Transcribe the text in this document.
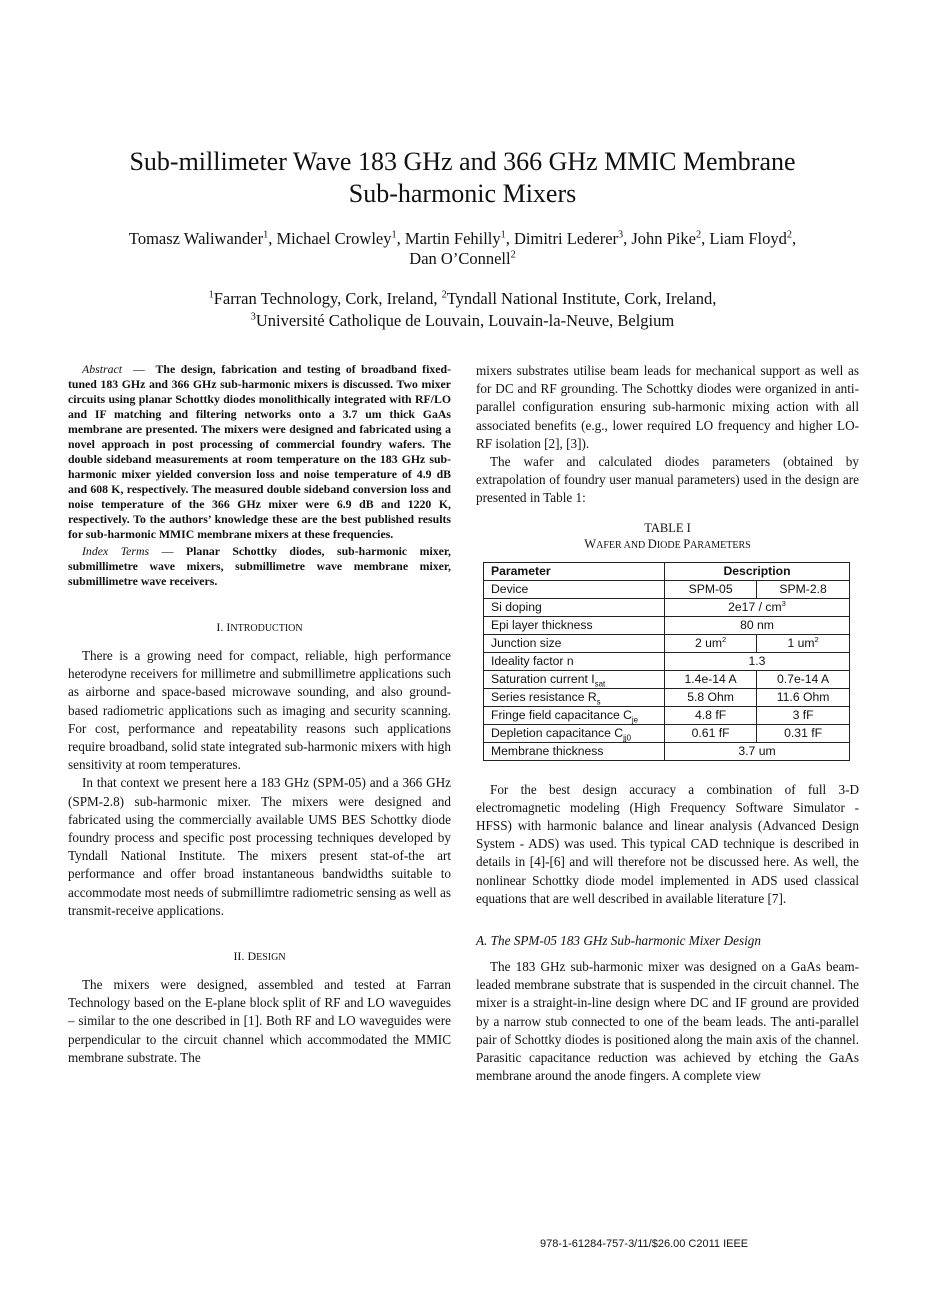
Sub-millimeter Wave 183 GHz and 366 GHz MMIC Membrane
Sub-harmonic Mixers
Tomasz Waliwander$^1$, Michael Crowley$^1$, Martin Fehilly$^1$, Dimitri Lederer$^3$, John Pike$^2$, Liam Floyd$^2$,
Dan O’Connell$^2$
$^1$Farran Technology, Cork, Ireland, $^2$Tyndall National Institute, Cork, Ireland,
$^3$Université Catholique de Louvain, Louvain-la-Neuve, Belgium

Abstract — The design, fabrication and testing of broadband fixed-tuned 183 GHz and 366 GHz sub-harmonic mixers is discussed. Two mixer circuits using planar Schottky diodes monolithically integrated with RF/LO and IF matching and filtering networks onto a 3.7 um thick GaAs membrane are presented. The mixers were designed and fabricated using a novel approach in post processing of commercial foundry wafers. The double sideband measurements at room temperature on the 183 GHz sub-harmonic mixer yielded conversion loss and noise temperature of 4.9 dB and 608 K, respectively. The measured double sideband conversion loss and noise temperature of the 366 GHz mixer were 6.9 dB and 1220 K, respectively. To the authors’ knowledge these are the best published results for sub-harmonic MMIC membrane mixers at these frequencies.

Index Terms — Planar Schottky diodes, sub-harmonic mixer, submillimetre wave mixers, submillimetre wave membrane mixer, submillimetre wave receivers.

I. INTRODUCTION

There is a growing need for compact, reliable, high performance heterodyne receivers for millimetre and submillimetre applications such as airborne and space-based microwave sounding, and also ground-based radiometric applications such as imaging and security scanning. For cost, performance and repeatability reasons such applications require broadband, solid state integrated sub-harmonic mixers with high sensitivity at room temperatures.

In that context we present here a 183 GHz (SPM-05) and a 366 GHz (SPM-2.8) sub-harmonic mixer. The mixers were designed and fabricated using the commercially available UMS BES Schottky diode foundry process and specific post processing techniques developed by Tyndall National Institute. The mixers present stat-of-the art performance and offer broad instantaneous bandwidths suitable to accommodate most needs of submillimtre radiometric sensing as well as transmit-receive applications.

II. DESIGN

The mixers were designed, assembled and tested at Farran Technology based on the E-plane block split of RF and LO waveguides – similar to the one described in [1]. Both RF and LO waveguides were perpendicular to the circuit channel which accommodated the MMIC membrane substrate. The

mixers substrates utilise beam leads for mechanical support as well as for DC and RF grounding. The Schottky diodes were organized in anti-parallel configuration ensuring sub-harmonic mixing action with all associated benefits (e.g., lower required LO frequency and higher LO-RF isolation [2], [3]).

The wafer and calculated diodes parameters (obtained by extrapolation of foundry user manual parameters) used in the design are presented in Table 1:

TABLE I

WAFER AND DIODE PARAMETERS

Parameter	Description	
Device	SPM-05	SPM-2.8
Si doping	$2e17 / cm^3$
Epi layer thickness	80 nm	
Junction size	2 $um^2$	1 $um^2$
Ideality factor n	1.3	
Saturation current $I_{sat}$	1.4e-14 A	0.7e-14 A
Series resistance $R_s$	5.8 Ohm	11.6 Ohm
Fringe field capacitance $C_{je}$	4.8 fF	3 fF
Depletion capacitance $C_{jj0}$	0.61 fF	0.31 fF
Membrane thickness	3.7 um	

For the best design accuracy a combination of full 3-D electromagnetic modeling (High Frequency Software Simulator - HFSS) with harmonic balance and linear analysis (Advanced Design System - ADS) was used. This typical CAD technique is described in details in [4]-[6] and will therefore not be discussed here. As well, the nonlinear Schottky diode model implemented in ADS used classical equations that are well described in available literature [7].

A. The SPM-05 183 GHz Sub-harmonic Mixer Design

The 183 GHz sub-harmonic mixer was designed on a GaAs beam-leaded membrane substrate that is suspended in the circuit channel. The mixer is a straight-in-line design where DC and IF ground are provided by a narrow stub connected to one of the beam leads. The anti-parallel pair of Schottky diodes is positioned along the main axis of the channel. Parasitic capacitance reduction was achieved by etching the GaAs membrane around the anode fingers. A complete view

978-1-61284-757-3/11/$26.00 C2011 IEEE
